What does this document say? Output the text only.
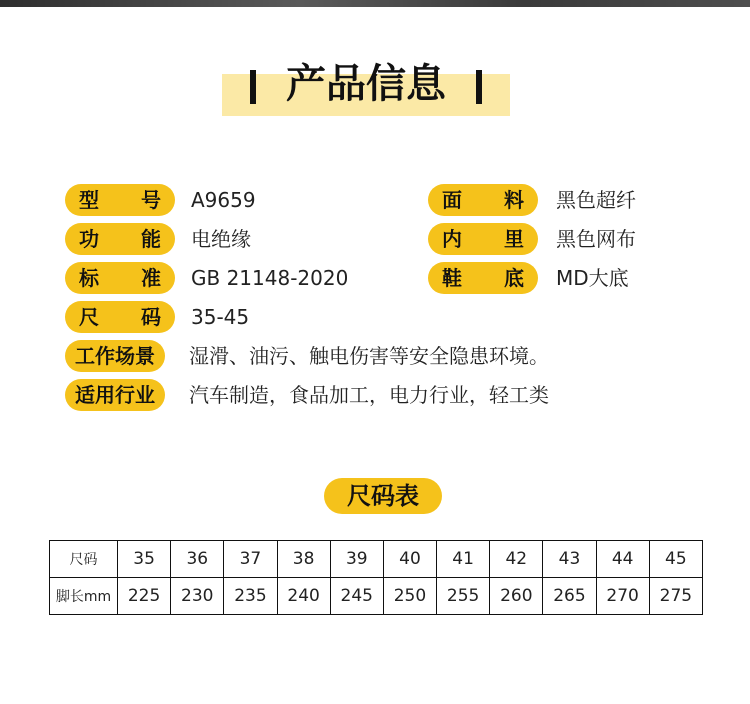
产品信息
型 号 A9659
功 能 电绝缘
标 准 GB 21148-2020
尺 码 35-45
面 料 黑色超纤
内 里 黑色网布
鞋 底 MD大底
工作场景	湿滑、油污、触电伤害等安全隐患环境。
适用行业	汽车制造，食品加工，电力行业，轻工类
尺码表
尺码	35	36	37	38	39	40	41	42	43	44	45
脚长mm	225	230	235	240	245	250	255	260	265	270	275
